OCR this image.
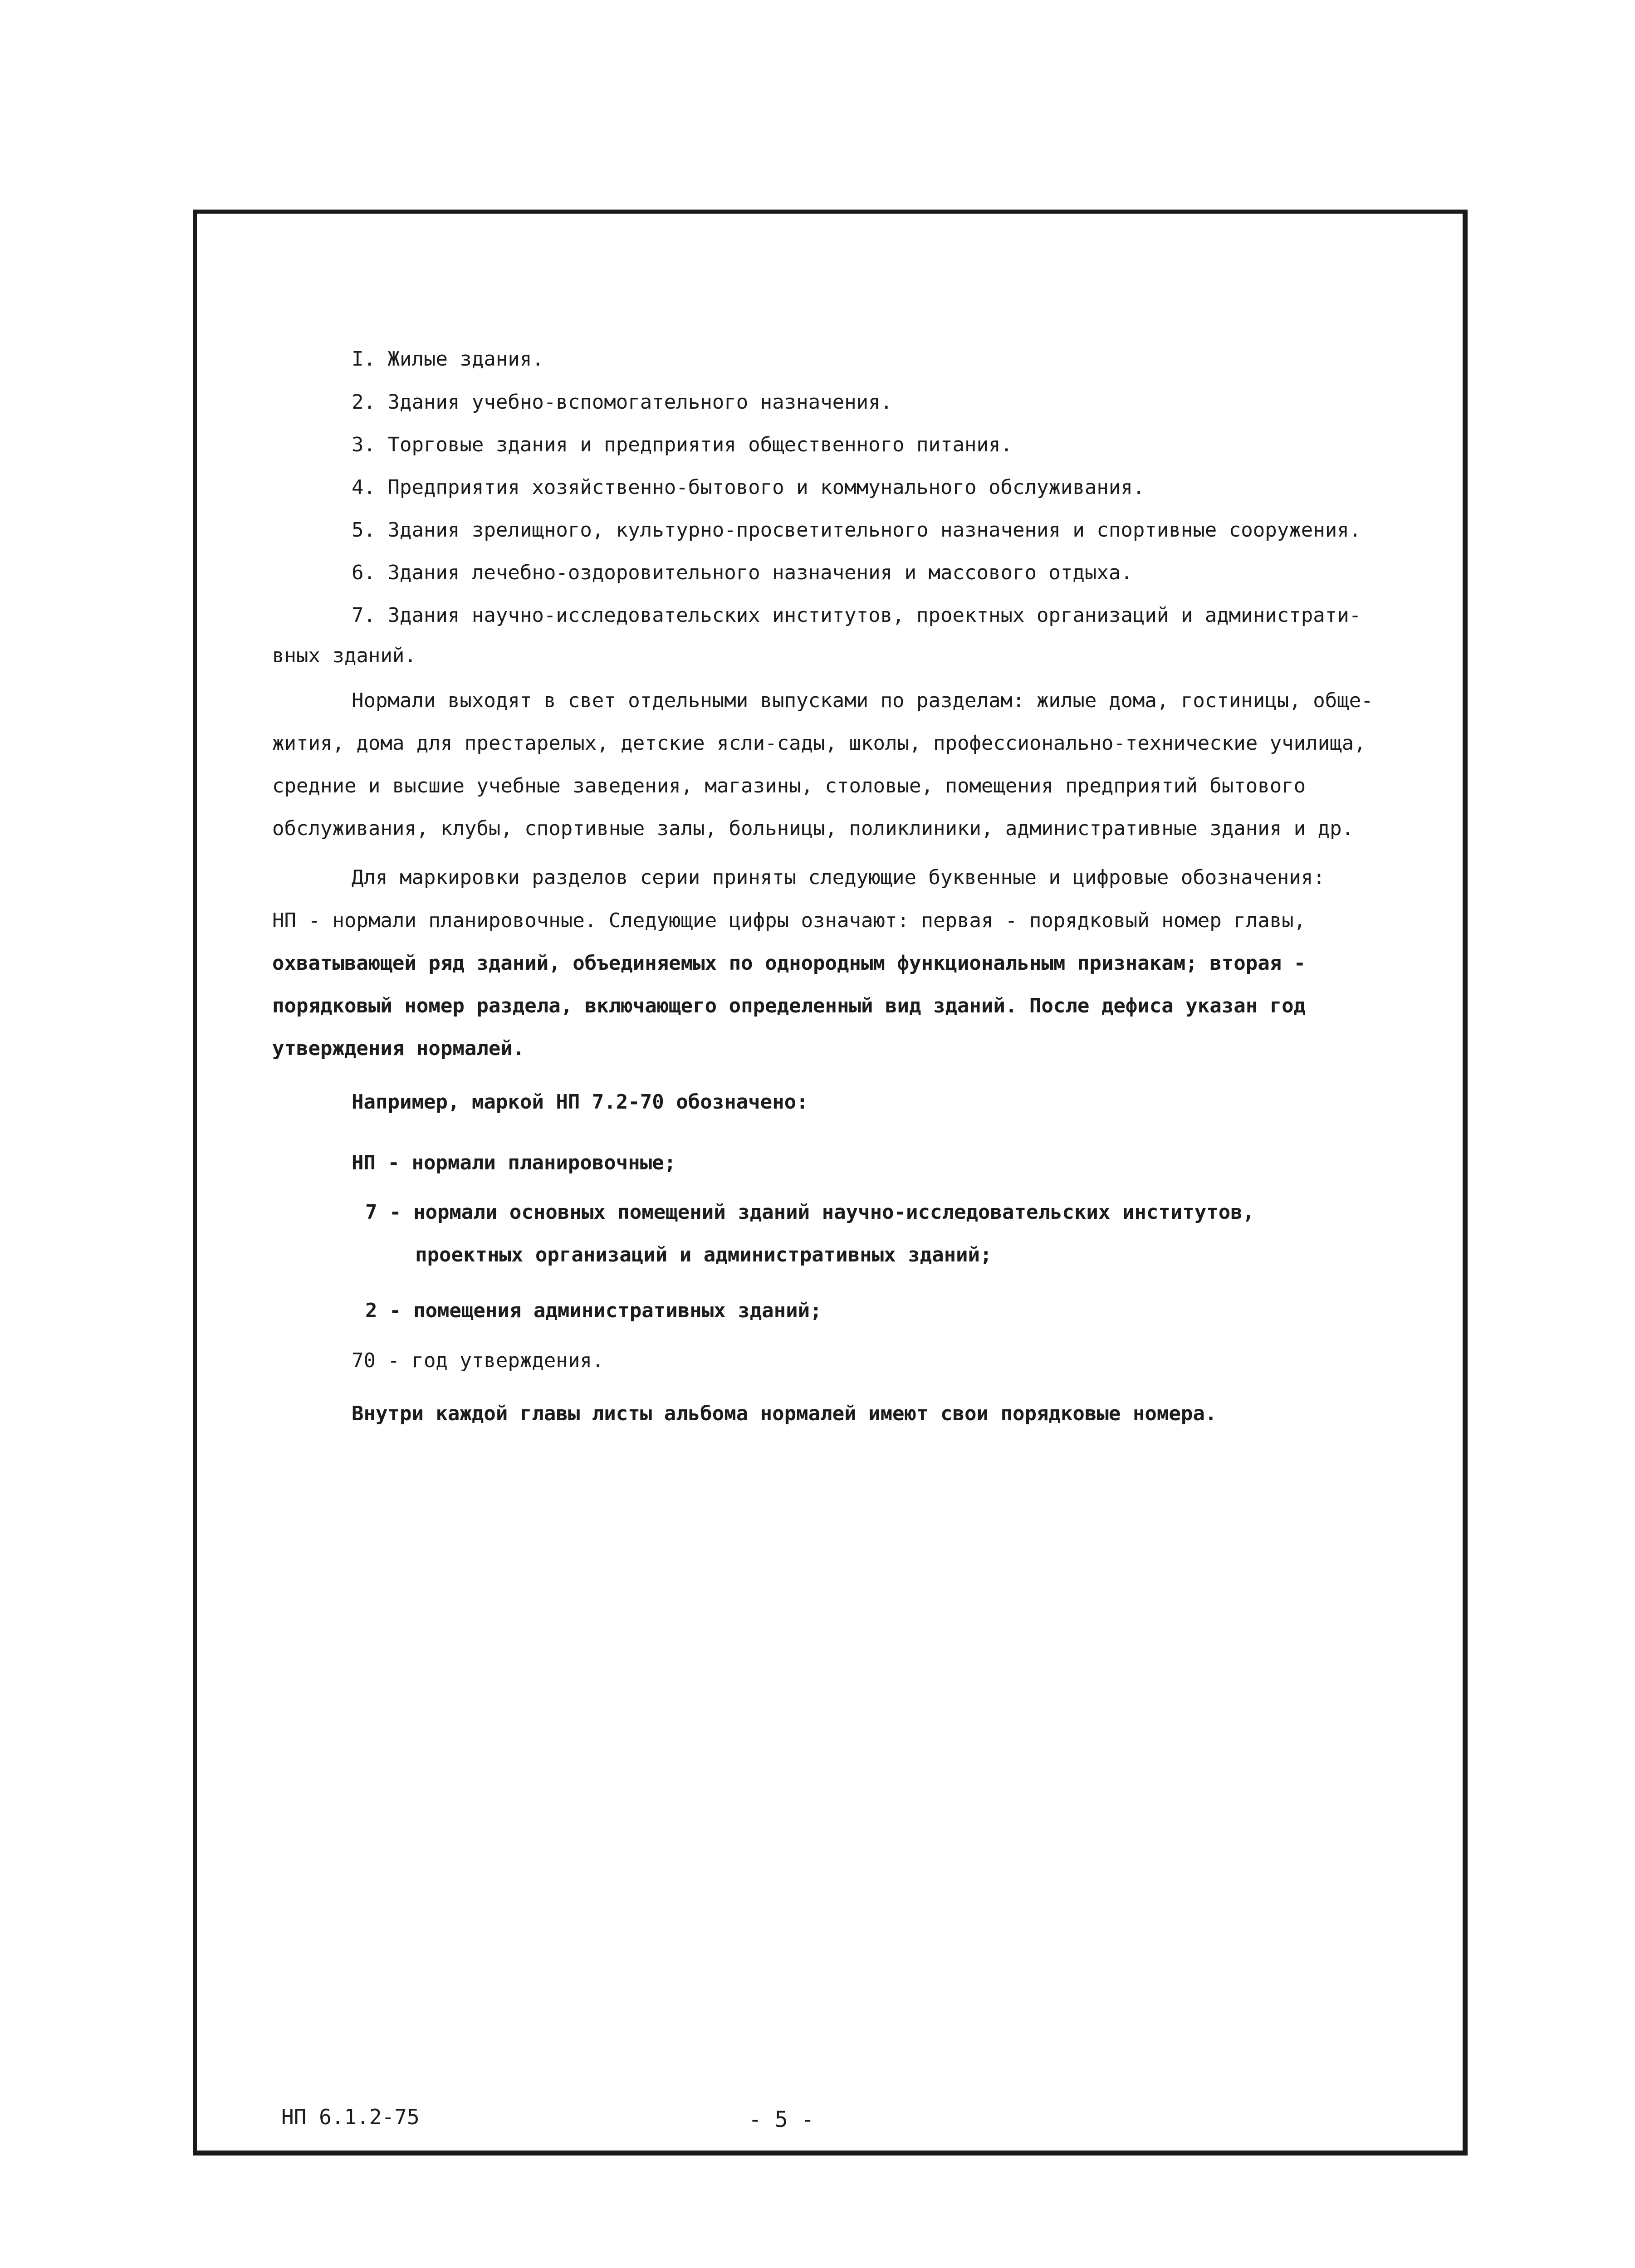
I. Жилые здания.
2. Здания учебно-вспомогательного назначения.
3. Торговые здания и предприятия общественного питания.
4. Предприятия хозяйственно-бытового и коммунального обслуживания.
5. Здания зрелищного, культурно-просветительного назначения и спортивные сооружения.
6. Здания лечебно-оздоровительного назначения и массового отдыха.
7. Здания научно-исследовательских институтов, проектных организаций и администрати-
вных зданий.
Нормали выходят в свет отдельными выпусками по разделам: жилые дома, гостиницы, обще-
жития, дома для престарелых, детские ясли-сады, школы, профессионально-технические училища,
средние и высшие учебные заведения, магазины, столовые, помещения предприятий бытового
обслуживания, клубы, спортивные залы, больницы, поликлиники, административные здания и др.
Для маркировки разделов серии приняты следующие буквенные и цифровые обозначения:
НП - нормали планировочные. Следующие цифры означают: первая - порядковый номер главы,
охватывающей ряд зданий, объединяемых по однородным функциональным признакам; вторая -
порядковый номер раздела, включающего определенный вид зданий. После дефиса указан год
утверждения нормалей.
Например, маркой НП 7.2-70 обозначено:
НП - нормали планировочные;
7 - нормали основных помещений зданий научно-исследовательских институтов,
проектных организаций и административных зданий;
2 - помещения административных зданий;
70 - год утверждения.
Внутри каждой главы листы альбома нормалей имеют свои порядковые номера.
НП 6.1.2-75	- 5 -
